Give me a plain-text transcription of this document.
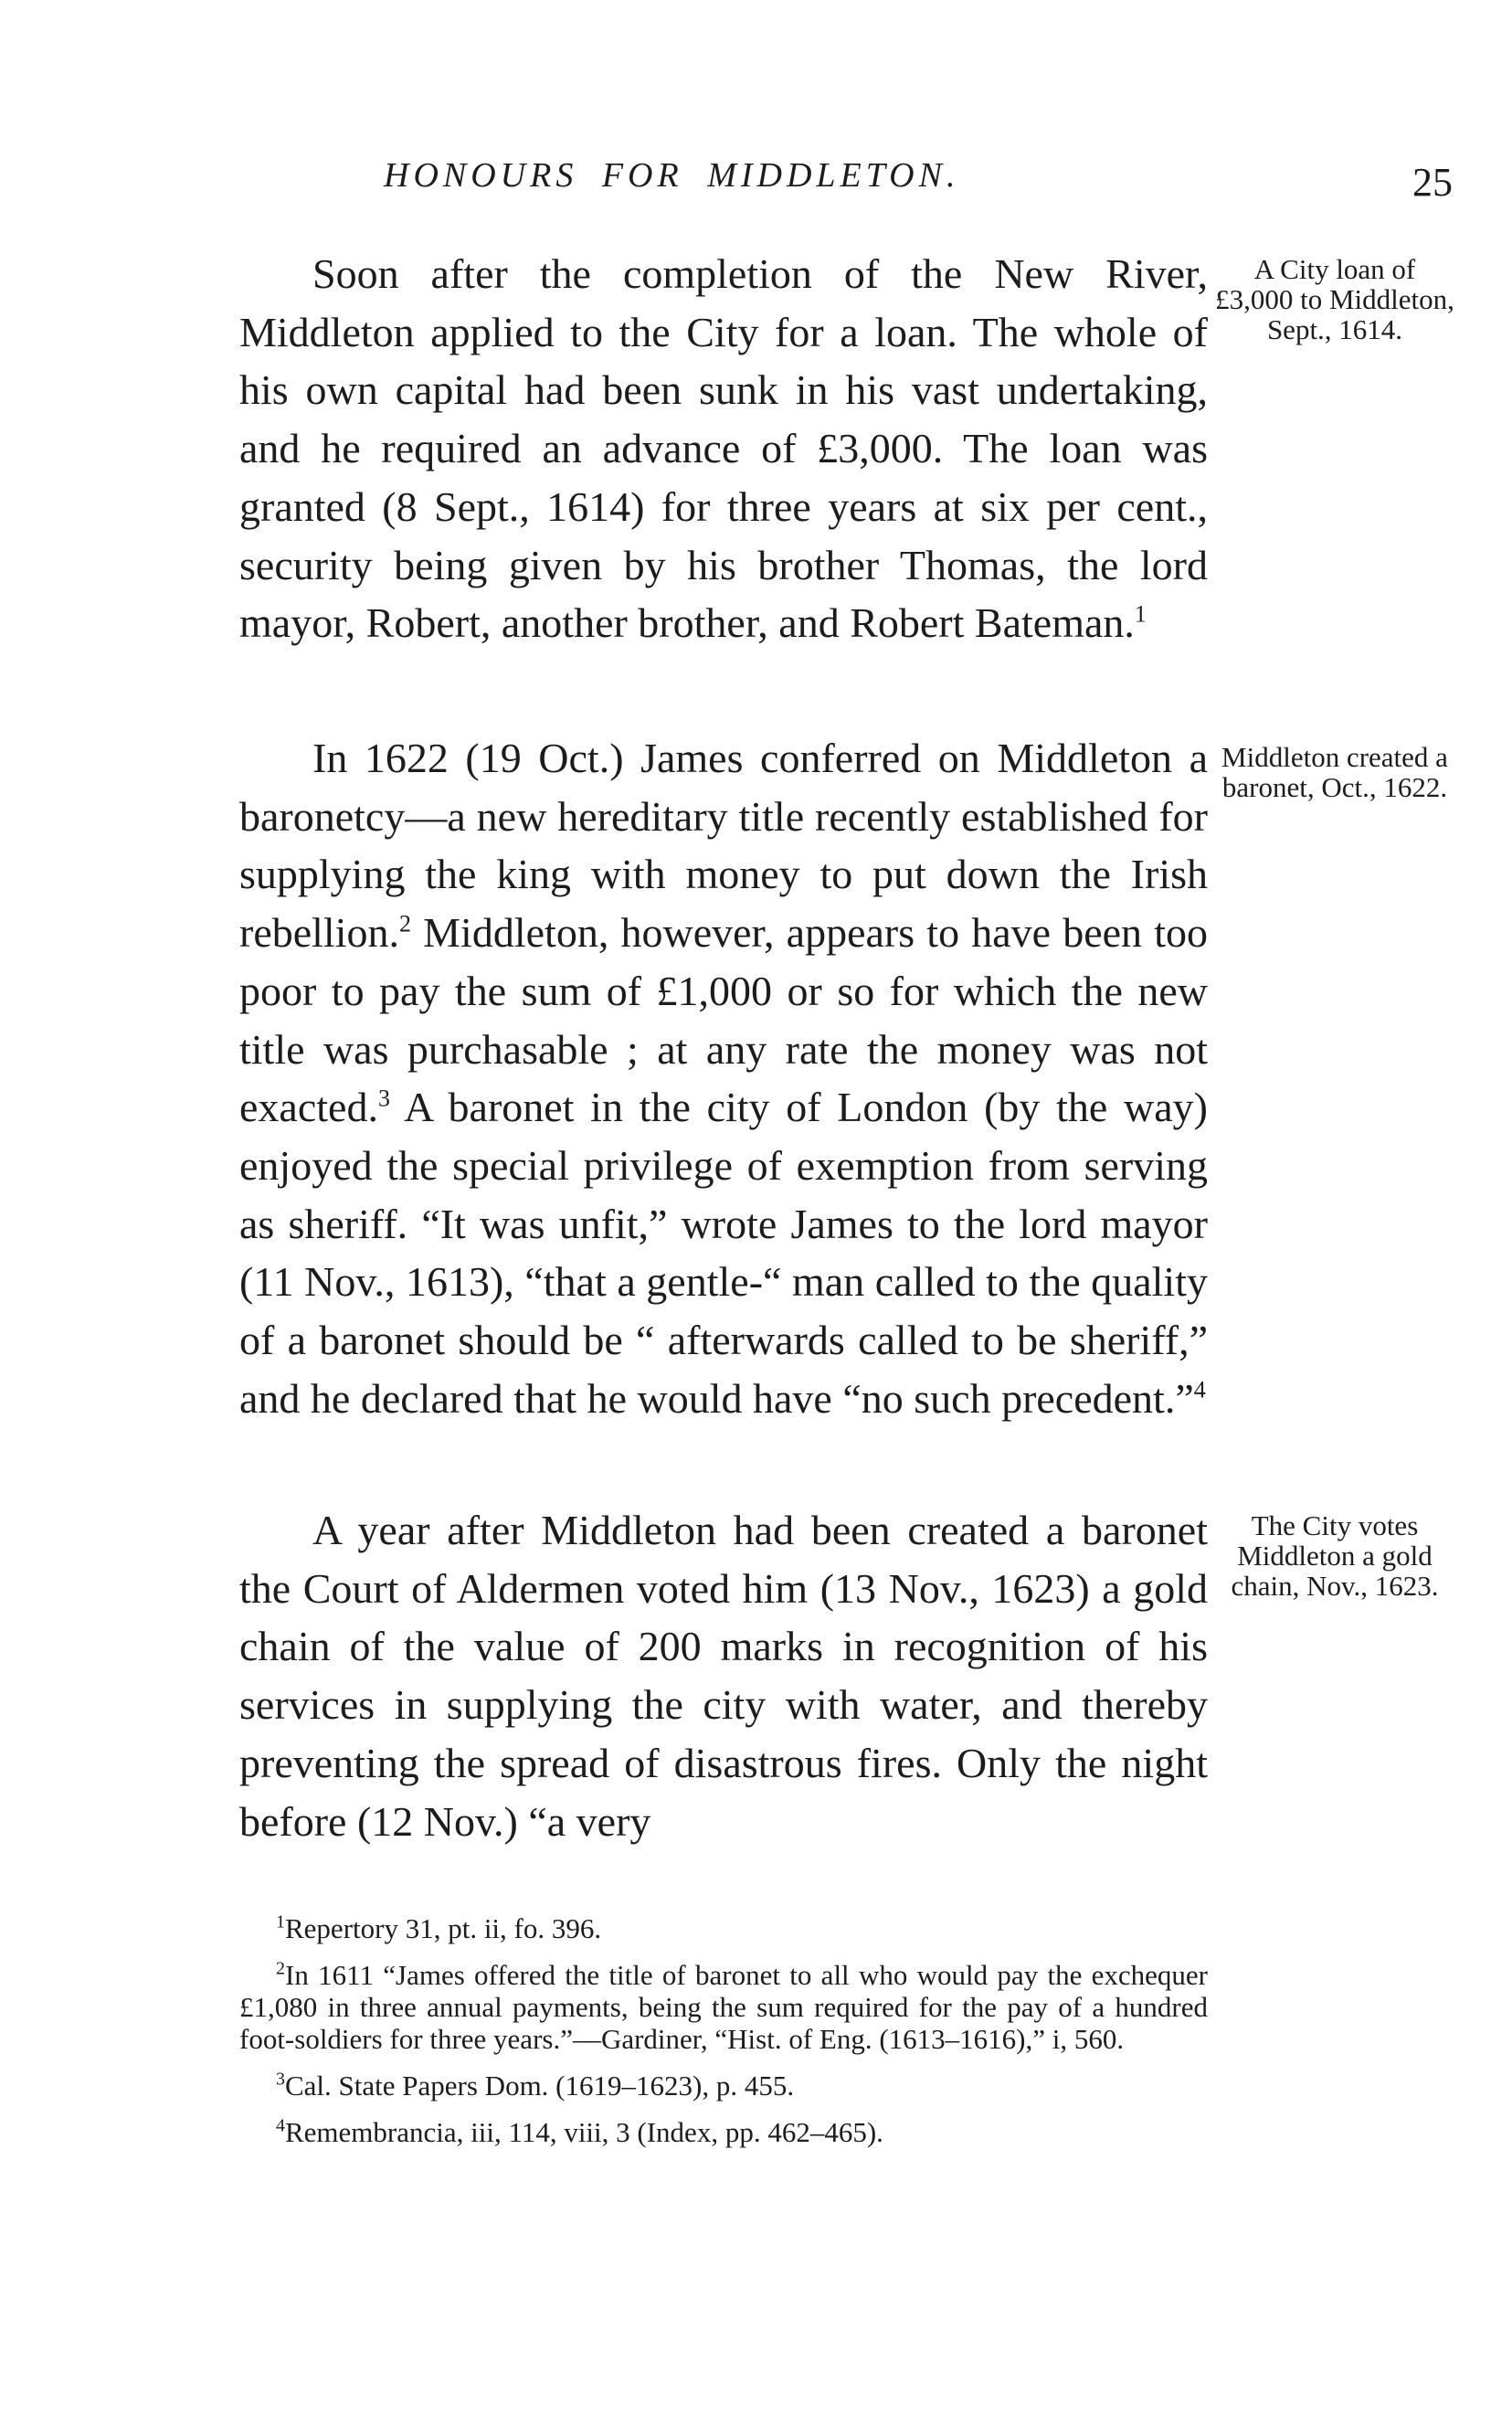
HONOURS FOR MIDDLETON.	25

Soon after the completion of the New River, Middleton applied to the City for a loan. The whole of his own capital had been sunk in his vast undertaking, and he required an advance of £3,000. The loan was granted (8 Sept., 1614) for three years at six per cent., security being given by his brother Thomas, the lord mayor, Robert, another brother, and Robert Bateman.$^1$

A City loan of £3,000 to Middleton, Sept., 1614.

In 1622 (19 Oct.) James conferred on Middleton a baronetcy—a new hereditary title recently established for supplying the king with money to put down the Irish rebellion.$^2$ Middleton, however, appears to have been too poor to pay the sum of £1,000 or so for which the new title was purchasable ; at any rate the money was not exacted.$^3$ A baronet in the city of London (by the way) enjoyed the special privilege of exemption from serving as sheriff. “It was unfit,” wrote James to the lord mayor (11 Nov., 1613), “that a gentle-“ man called to the quality of a baronet should be “ afterwards called to be sheriff,” and he declared that he would have “no such precedent.”$^4$

Middleton created a baronet, Oct., 1622.

A year after Middleton had been created a baronet the Court of Aldermen voted him (13 Nov., 1623) a gold chain of the value of 200 marks in recognition of his services in supplying the city with water, and thereby preventing the spread of disastrous fires. Only the night before (12 Nov.) “a very

The City votes Middleton a gold chain, Nov., 1623.

$^1$Repertory 31, pt. ii, fo. 396.

$^2$In 1611 “James offered the title of baronet to all who would pay the exchequer £1,080 in three annual payments, being the sum required for the pay of a hundred foot-soldiers for three years.”—Gardiner, “Hist. of Eng. (1613–1616),” i, 560.

$^3$Cal. State Papers Dom. (1619–1623), p. 455.

$^4$Remembrancia, iii, 114, viii, 3 (Index, pp. 462–465).
